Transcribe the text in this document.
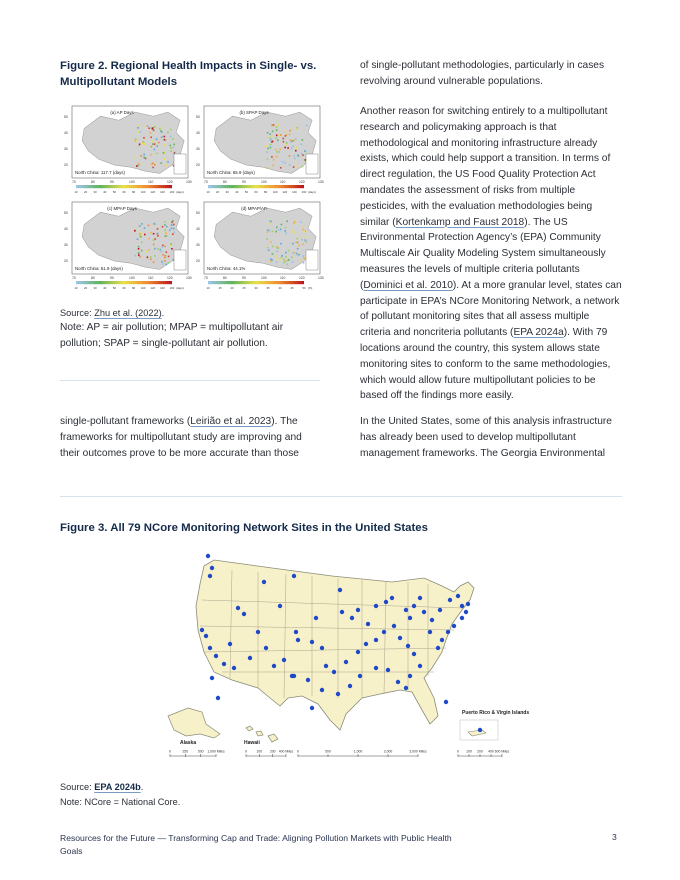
Figure 2. Regional Health Impacts in Single- vs. Multipollutant Models
(a) AP Days
North China: 117.7 (days)
20
30
40
50
70	80	90	100	110	120	130
10 20 30 40 50 60 80 100 120 140 160 (days)
(b) SPAP Days
North China: 65.9 (days)
20
30
40
50
70	80	90	100	110	120	130
10 20 30 40 50 60 80 100 120 140 160 (days)
(c) MPAP Days
North China: 51.9 (days)
20
30
40
50
70	80	90	100	110	120	130
10 20 30 40 50 60 80 100 120 140 160 (days)
(d) MPAP/AP
North China: 44.1%
20
30
40
50
70	80	90	100	110	120	130
10	15	20	25	30	35	40	45	50 (%)

Source: Zhu et al. (2022).

Note: AP = air pollution; MPAP = multipollutant air pollution; SPAP = single-pollutant air pollution.

single-pollutant frameworks (Leirião et al. 2023). The frameworks for multipollutant study are improving and their outcomes prove to be more accurate than those

of single-pollutant methodologies, particularly in cases revolving around vulnerable populations.

Another reason for switching entirely to a multipollutant research and policymaking approach is that methodological and monitoring infrastructure already exists, which could help support a transition. In terms of direct regulation, the US Food Quality Protection Act mandates the assessment of risks from multiple pesticides, with the evaluation methodologies being similar (Kortenkamp and Faust 2018). The US Environmental Protection Agency’s (EPA) Community Multiscale Air Quality Modeling System simultaneously measures the levels of multiple criteria pollutants (Dominici et al. 2010). At a more granular level, states can participate in EPA’s NCore Monitoring Network, a network of pollutant monitoring sites that all assess multiple criteria and noncriteria pollutants (EPA 2024a). With 79 locations around the country, this system allows state monitoring sites to conform to the same methodologies, which would allow future multipollutant policies to be based off the findings more easily.

In the United States, some of this analysis infrastructure has already been used to develop multipollutant management frameworks. The Georgia Environmental

Figure 3. All 79 NCore Monitoring Network Sites in the United States
Puerto Rico & Virgin Islands
Alaska	Hawaii
0	250	500 1,000 Miles	0	100 200 400 Miles 0	500	1,000	2,000	3,000 Miles	0 100 200 400 600 Miles

Source: EPA 2024b.

Note: NCore = National Core.

Resources for the Future — Transforming Cap and Trade: Aligning Pollution Markets with Public Health Goals
3
